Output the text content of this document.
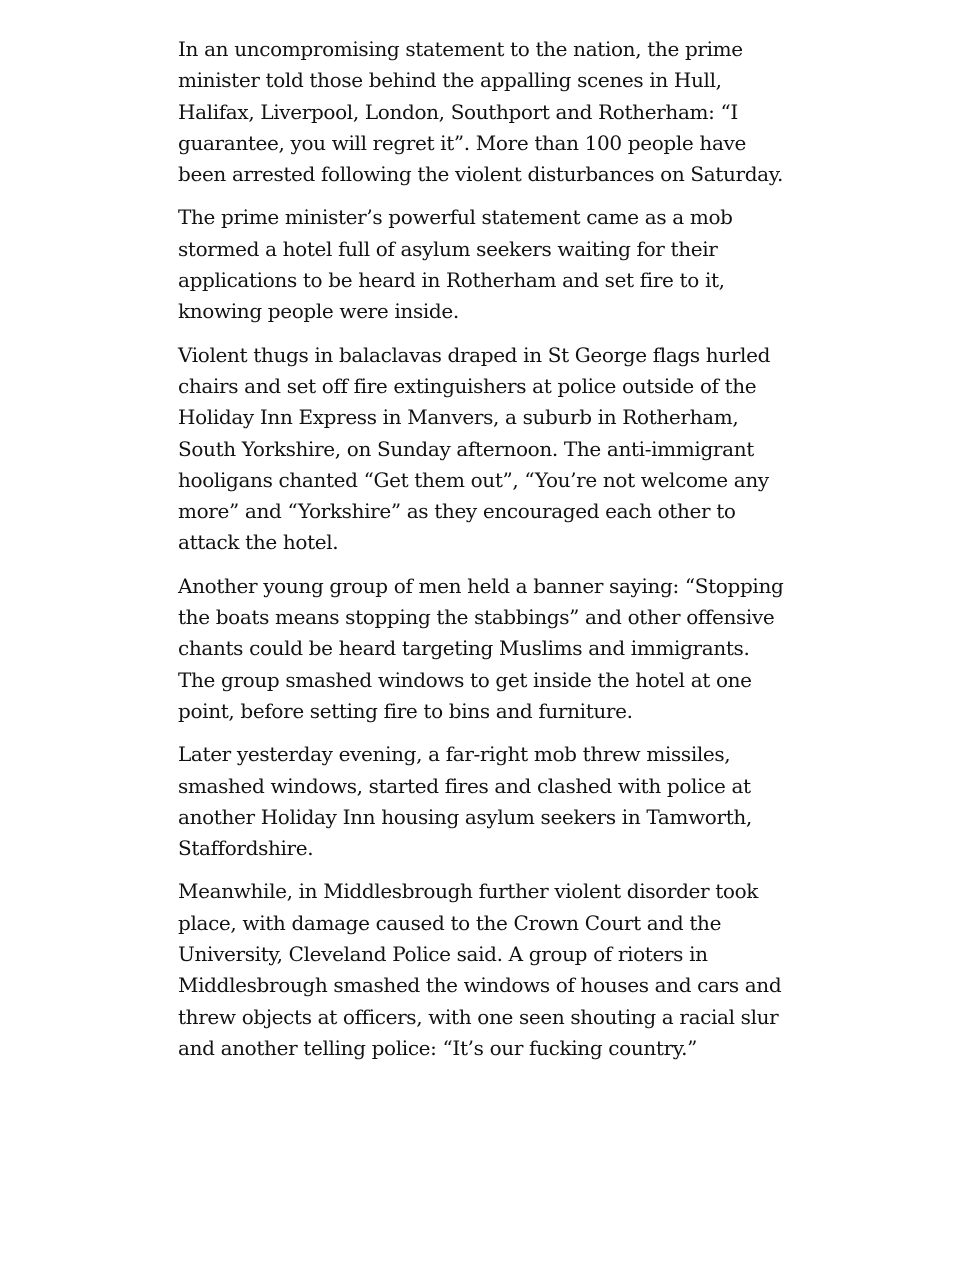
In an uncompromising statement to the nation, the prime minister told those behind the appalling scenes in Hull, Halifax, Liverpool, London, Southport and Rotherham: “I guarantee, you will regret it”. More than 100 people have been arrested following the violent disturbances on Saturday.

The prime minister’s powerful statement came as a mob stormed a hotel full of asylum seekers waiting for their applications to be heard in Rotherham and set fire to it, knowing people were inside.

Violent thugs in balaclavas draped in St George flags hurled chairs and set off fire extinguishers at police outside of the Holiday Inn Express in Manvers, a suburb in Rotherham, South Yorkshire, on Sunday afternoon. The anti-immigrant hooligans chanted “Get them out”, “You’re not welcome any more” and “Yorkshire” as they encouraged each other to attack the hotel.

Another young group of men held a banner saying: “Stopping the boats means stopping the stabbings” and other offensive chants could be heard targeting Muslims and immigrants. The group smashed windows to get inside the hotel at one point, before setting fire to bins and furniture.

Later yesterday evening, a far-right mob threw missiles, smashed windows, started fires and clashed with police at another Holiday Inn housing asylum seekers in Tamworth, Staffordshire.

Meanwhile, in Middlesbrough further violent disorder took place, with damage caused to the Crown Court and the University, Cleveland Police said. A group of rioters in Middlesbrough smashed the windows of houses and cars and threw objects at officers, with one seen shouting a racial slur and another telling police: “It’s our fucking country.”
